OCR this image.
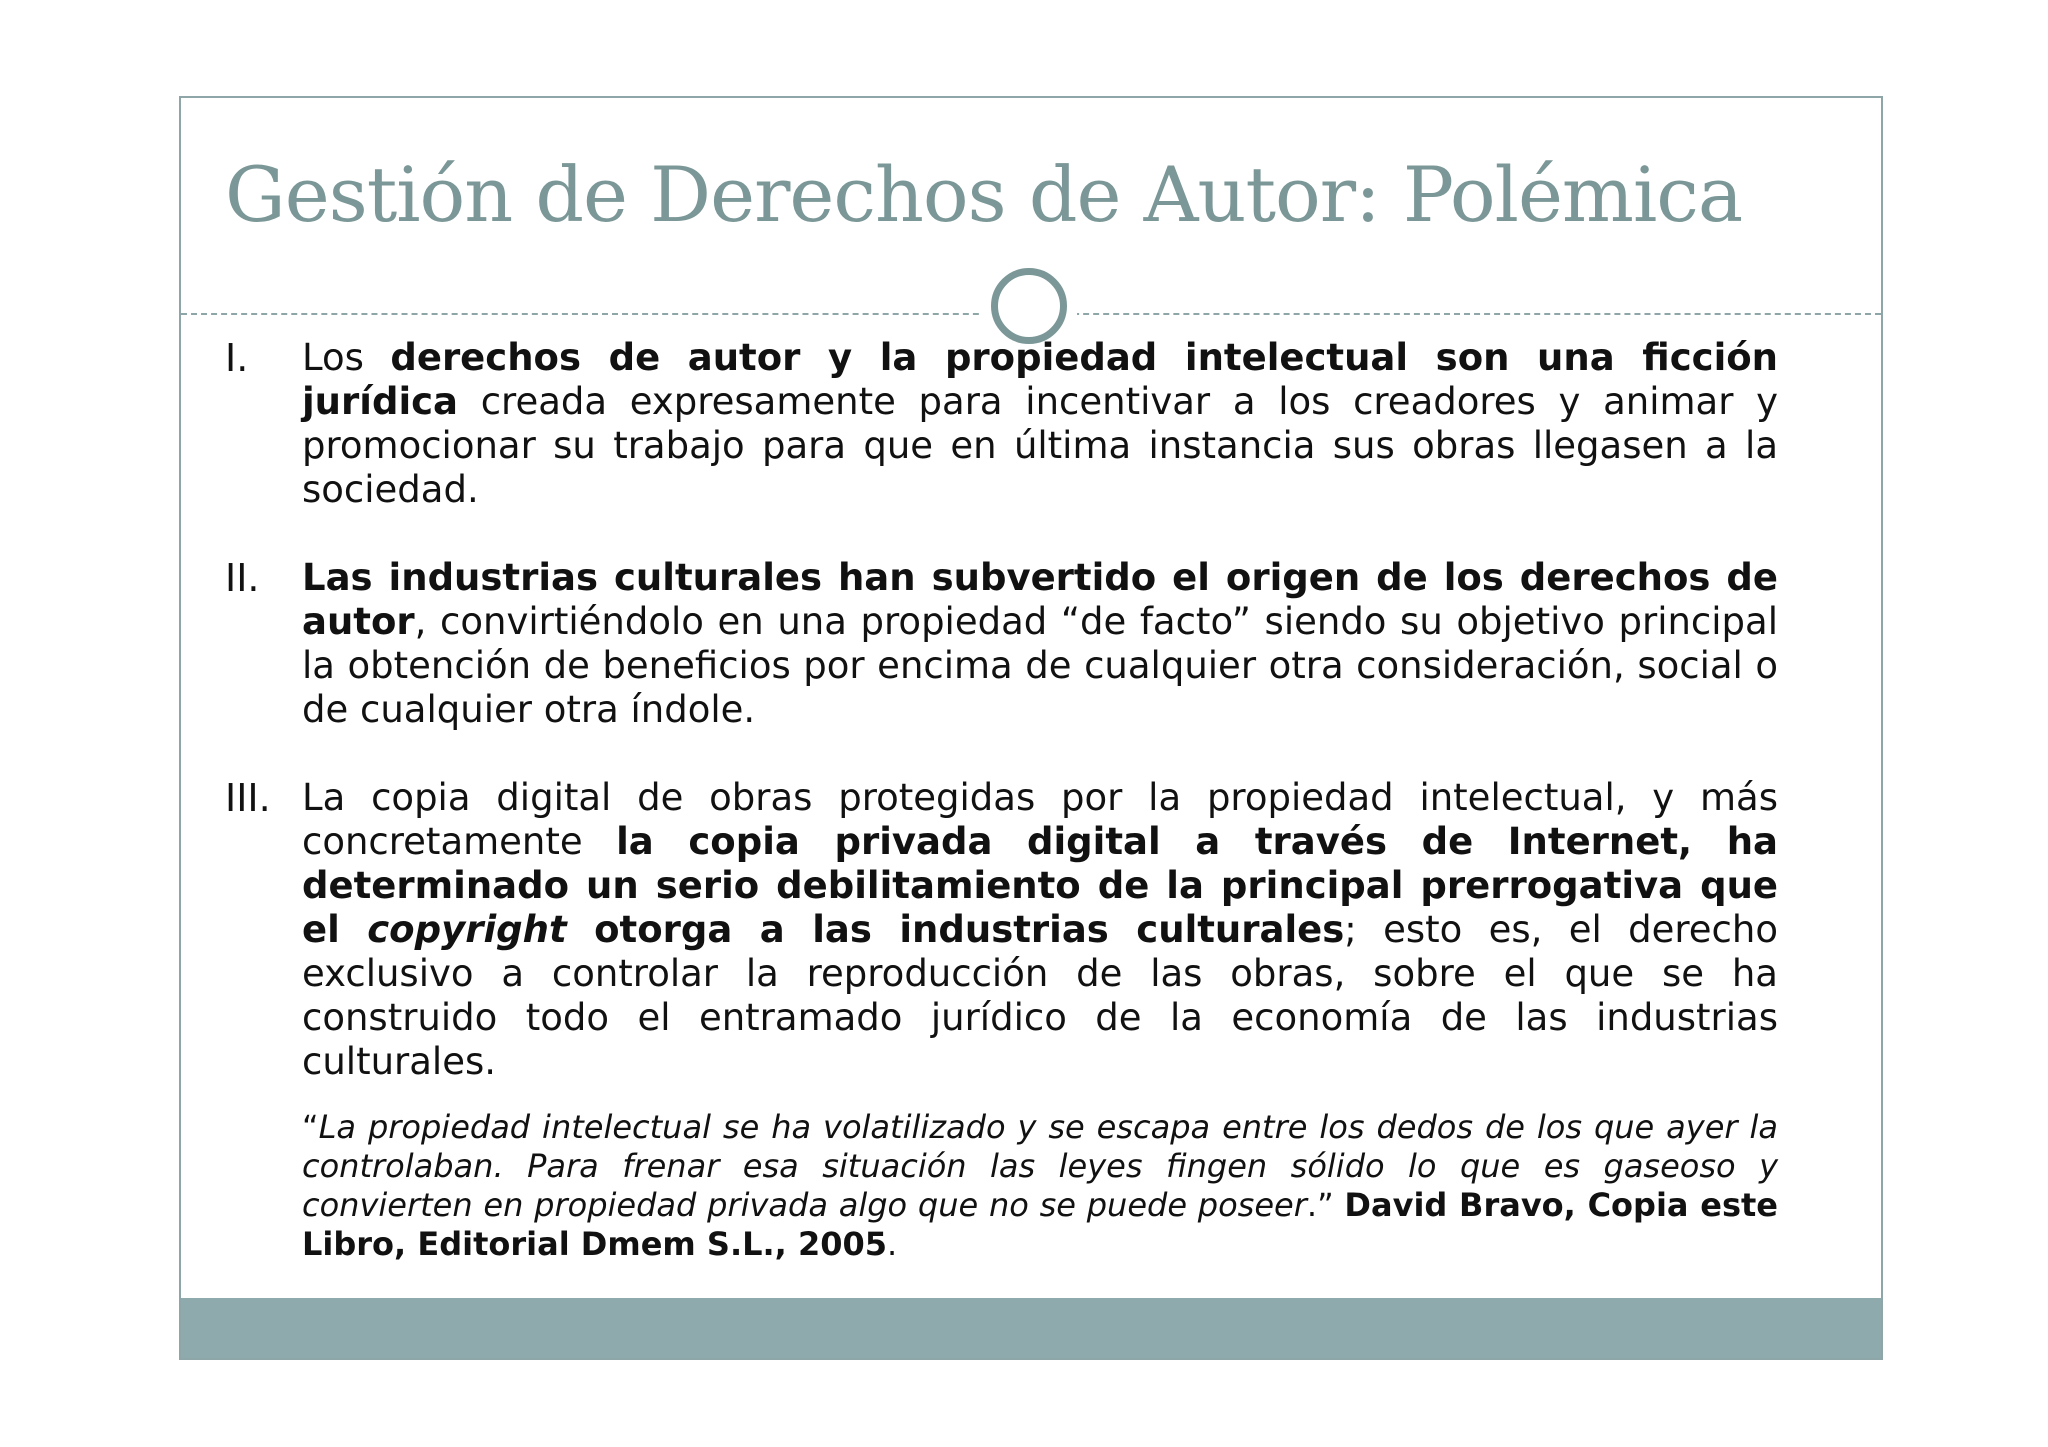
Gestión de Derechos de Autor: Polémica
I.	Los derechos de autor y la propiedad intelectual son una ficción jurídica creada expresamente para incentivar a los creadores y animar y promocionar su trabajo para que en última instancia sus obras llegasen a la sociedad.
II.	Las industrias culturales han subvertido el origen de los derechos de autor, convirtiéndolo en una propiedad “de facto” siendo su objetivo principal la obtención de beneficios por encima de cualquier otra consideración, social o de cualquier otra índole.
III. La copia digital de obras protegidas por la propiedad intelectual, y más concretamente la copia privada digital a través de Internet, ha determinado un serio debilitamiento de la principal prerrogativa que el copyright otorga a las industrias culturales; esto es, el derecho exclusivo a controlar la reproducción de las obras, sobre el que se ha construido todo el entramado jurídico de la economía de las industrias culturales.
“La propiedad intelectual se ha volatilizado y se escapa entre los dedos de los que ayer la controlaban. Para frenar esa situación las leyes fingen sólido lo que es gaseoso y convierten en propiedad privada algo que no se puede poseer.” David Bravo, Copia este Libro, Editorial Dmem S.L., 2005.
